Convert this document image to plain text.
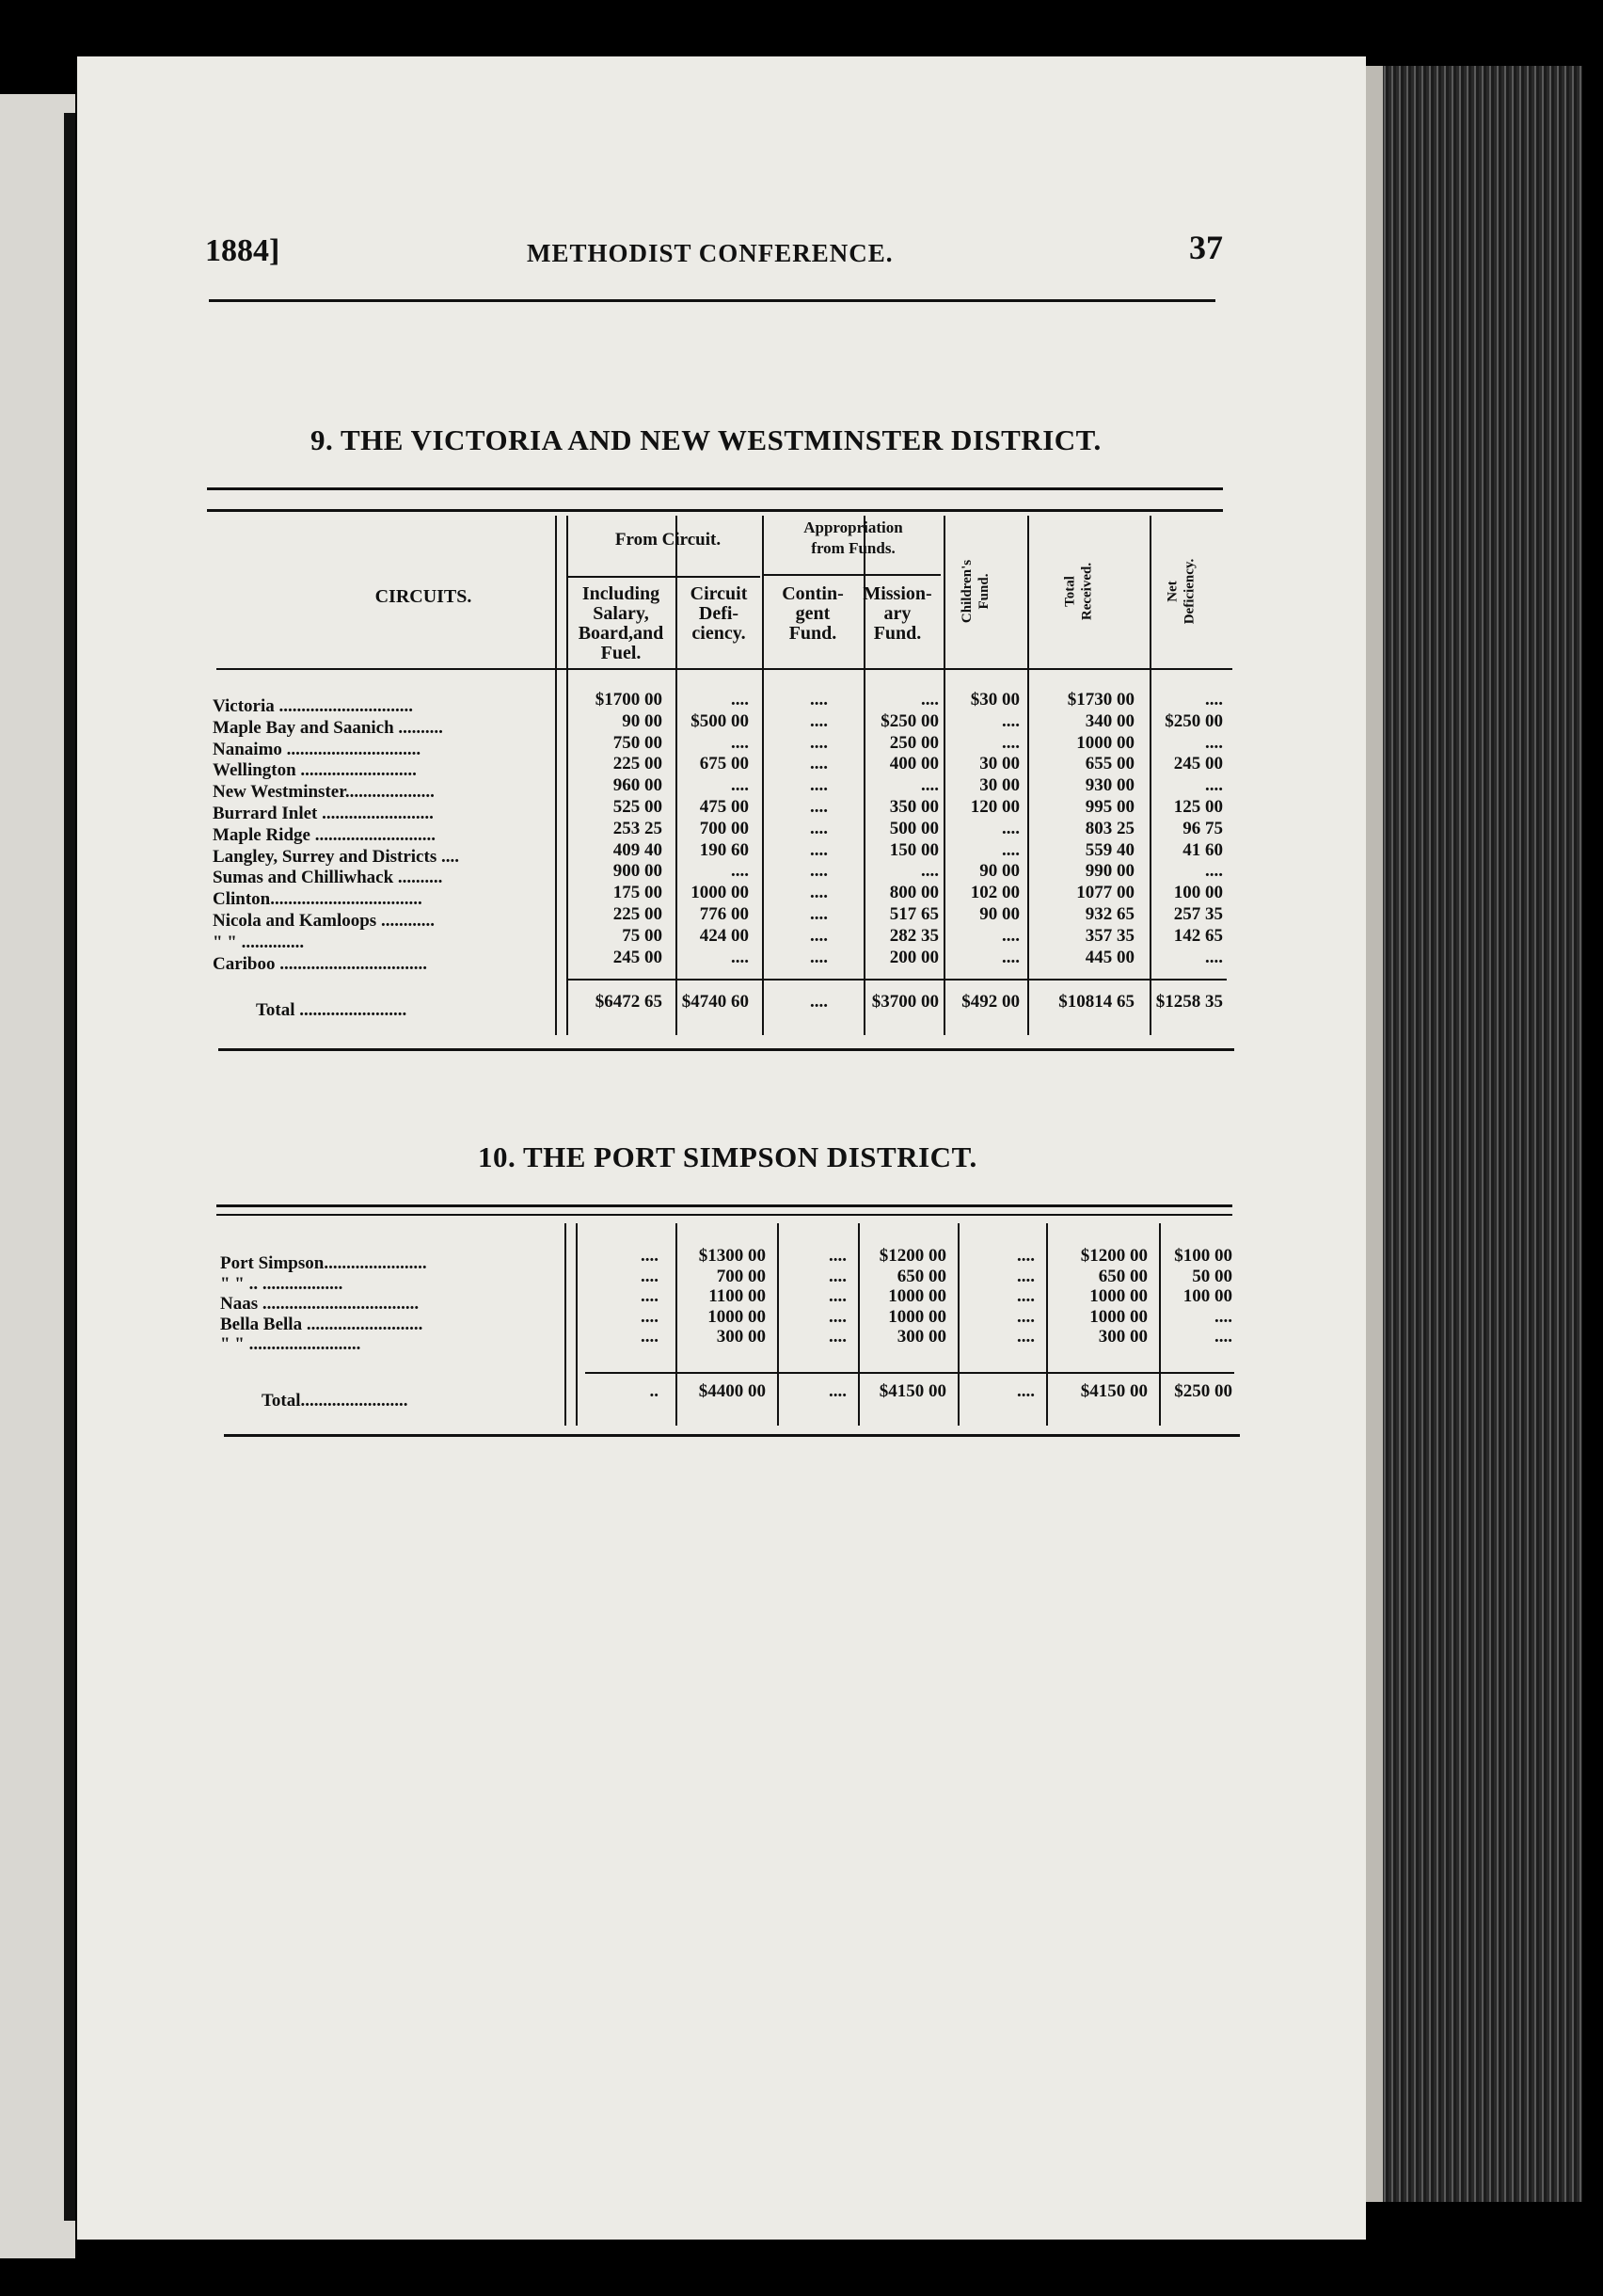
1884]	METHODIST CONFERENCE.	37
9. THE VICTORIA AND NEW WESTMINSTER DISTRICT.
CIRCUITS.
From Circuit.
Appropriation
from Funds.
Including
Salary,
Board,and
Fuel.
Circuit
Defi-
ciency.
Contin-
gent
Fund.
Mission-
ary
Fund.
Children's Fund.	Total Received.	Net Deficiency.
Victoria ..............................	$1700 00	....	....	....	$30 00	$1730 00	....
Maple Bay and Saanich ..........	90 00	$500 00	....	$250 00	....	340 00	$250 00
Nanaimo ..............................	750 00	....	....	250 00	....	1000 00	....
Wellington ..........................	225 00	675 00	....	400 00	30 00	655 00	245 00
New Westminster....................	960 00	....	....	....	30 00	930 00	....
Burrard Inlet .........................	525 00	475 00	....	350 00	120 00	995 00	125 00
Maple Ridge ...........................	253 25	700 00	....	500 00	....	803 25	96 75
Langley, Surrey and Districts ....	409 40	190 60	....	150 00	....	559 40	41 60
Sumas and Chilliwhack ..........	900 00	....	....	....	90 00	990 00	....
Clinton..................................	175 00	1000 00	....	800 00	102 00	1077 00	100 00
Nicola and Kamloops ............	225 00	776 00	....	517 65	90 00	932 65	257 35
" " ..............	75 00	424 00	....	282 35	....	357 35	142 65
Cariboo .................................	245 00	....	....	200 00	....	445 00	....
Total ........................	$6472 65	$4740 60	....	$3700 00	$492 00	$10814 65	$1258 35
10. THE PORT SIMPSON DISTRICT.
Port Simpson.......................	....	$1300 00	....	$1200 00	....	$1200 00	$100 00
" " .. ..................	....	700 00	....	650 00	....	650 00	50 00
Naas ...................................	....	1100 00	....	1000 00	....	1000 00	100 00
Bella Bella ..........................	....	1000 00	....	1000 00	....	1000 00	....
" " .........................	....	300 00	....	300 00	....	300 00	....
Total........................	..	$4400 00	....	$4150 00	....	$4150 00	$250 00
